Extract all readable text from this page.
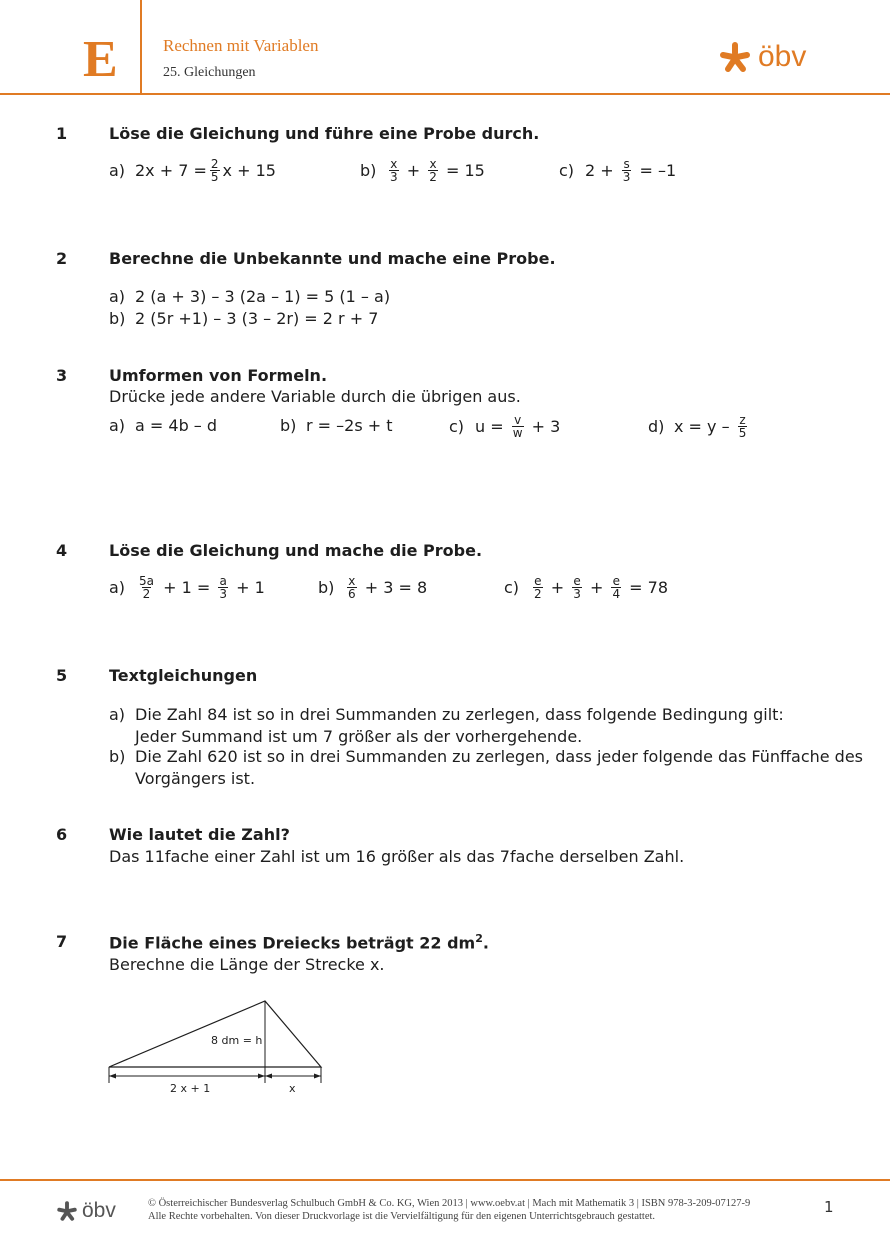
E	Rechnen mit Variablen
25. Gleichungen	öbv
1	Löse die Gleichung und führe eine Probe durch.
a) $2x + 7 = \frac{2}{5}$ x + 15	b)	$\frac{x}{3} + \frac{x}{2} = 15$	c) $2 + \frac{s}{3} = -1$
2	Berechne die Unbekannte und mache eine Probe.
a) 2 (a + 3) – 3 (2a – 1) = 5 (1 – a)
b) 2 (5r +1) – 3 (3 – 2r) = 2 r + 7
3	Umformen von Formeln.
Drücke jede andere Variable durch die übrigen aus.
a) a = 4b – d	b) r = –2s + t	c) $u = \frac{v}{w} + 3$	d) $x = y - \frac{z}{5}$
4	Löse die Gleichung und mache die Probe.
a)	$\frac{5a}{2} + 1 = \frac{a}{3} + 1$	b)	$\frac{x}{6} + 3 = 8$	c)	$\frac{e}{2} + \frac{e}{3} + \frac{e}{4} = 78$
5	Textgleichungen
a) Die Zahl 84 ist so in drei Summanden zu zerlegen, dass folgende Bedingung gilt:
Jeder Summand ist um 7 größer als der vorhergehende.
b) Die Zahl 620 ist so in drei Summanden zu zerlegen, dass jeder folgende das Fünffache des
Vorgängers ist.
6	Wie lautet die Zahl?
Das 11fache einer Zahl ist um 16 größer als das 7fache derselben Zahl.
7	Die Fläche eines Dreiecks beträgt 22 $dm^2$.
Berechne die Länge der Strecke x.
8 dm = h
2 x + 1	x
öbv	© Österreichischer Bundesverlag Schulbuch GmbH & Co. KG, Wien 2013 | www.oebv.at | Mach mit Mathematik 3 | ISBN 978-3-209-07127-9
Alle Rechte vorbehalten. Von dieser Druckvorlage ist die Vervielfältigung für den eigenen Unterrichtsgebrauch gestattet.
1
